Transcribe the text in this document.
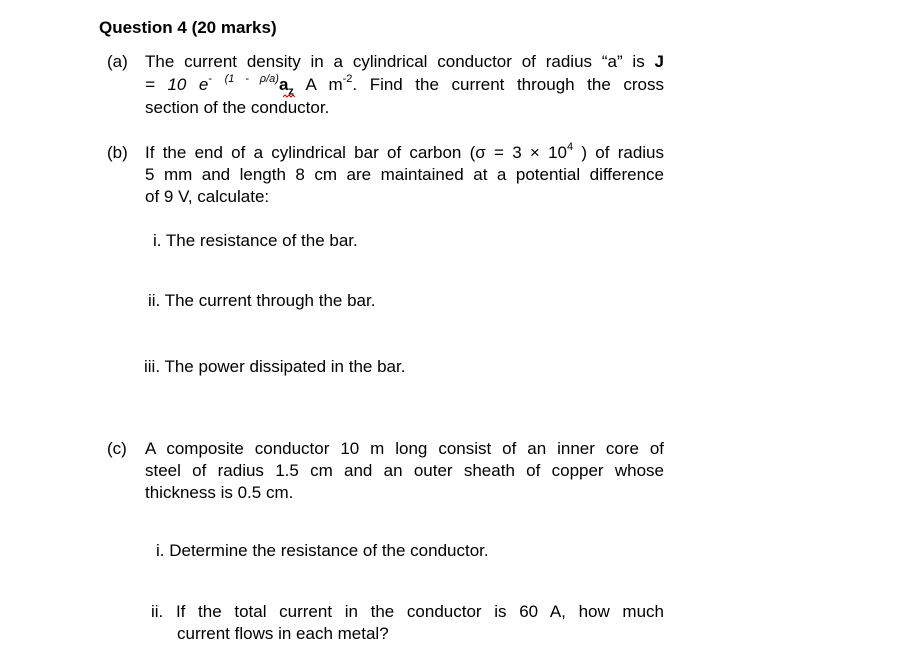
Question 4 (20 marks)
(a)	The current density in a cylindrical conductor of radius “a” is J
= 10 e- $^{(1 - \rho/a)}a_z$ A $m^{-2}$. Find the current through the cross
section of the conductor.
(b)	If the end of a cylindrical bar of carbon ($\sigma = 3 \times 10^4$ ) of radius
5 mm and length 8 cm are maintained at a potential difference
of 9 V, calculate:
i. The resistance of the bar.
ii. The current through the bar.
iii. The power dissipated in the bar.
(c)	A composite conductor 10 m long consist of an inner core of
steel of radius 1.5 cm and an outer sheath of copper whose
thickness is 0.5 cm.
i. Determine the resistance of the conductor.
ii. If the total current in the conductor is 60 A, how much
current flows in each metal?
